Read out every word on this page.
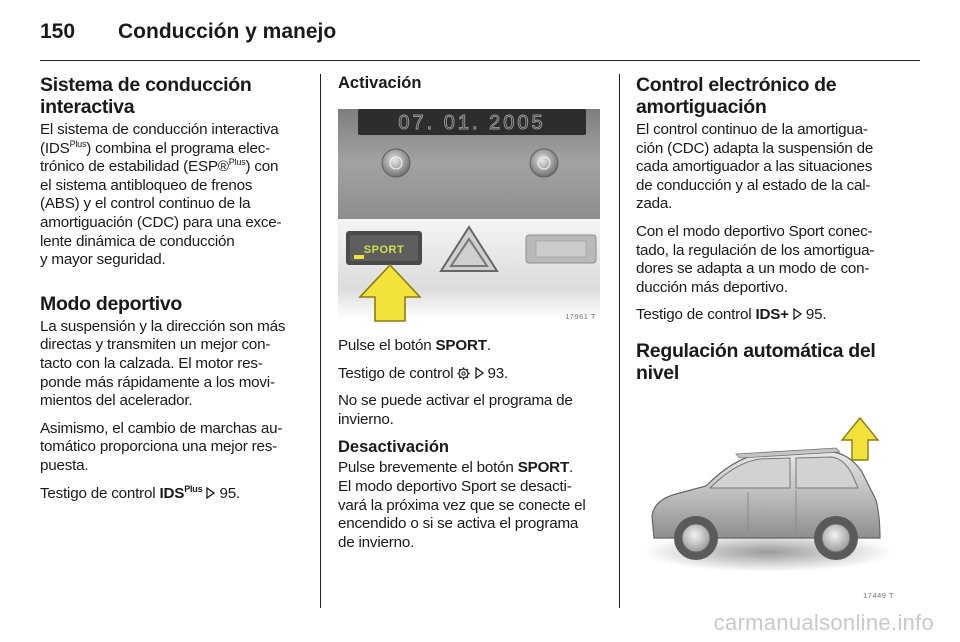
150 Conducción y manejo
Sistema de conducción
interactiva

El sistema de conducción interactiva
$(IDS^{Plus})$ combina el programa elec-
trónico de estabilidad (ESP®$^{Plus}$) con
el sistema antibloqueo de frenos
(ABS) y el control continuo de la
amortiguación (CDC) para una exce-
lente dinámica de conducción
y mayor seguridad.

Modo deportivo

La suspensión y la dirección son más
directas y transmiten un mejor con-
tacto con la calzada. El motor res-
ponde más rápidamente a los movi-
mientos del acelerador.

Asimismo, el cambio de marchas au-
tomático proporciona una mejor res-
puesta.

Testigo de control $IDS^{Plus}$ 95.

Activación
07. 01. 2005
SPORT
17961 T

Pulse el botón SPORT.

Testigo de control   93.

No se puede activar el programa de
invierno.

Desactivación

Pulse brevemente el botón SPORT.
El modo deportivo Sport se desacti-
vará la próxima vez que se conecte el
encendido o si se activa el programa
de invierno.

Control electrónico de
amortiguación

El control continuo de la amortigua-
ción (CDC) adapta la suspensión de
cada amortiguador a las situaciones
de conducción y al estado de la cal-
zada.

Con el modo deportivo Sport conec-
tado, la regulación de los amortigua-
dores se adapta a un modo de con-
ducción más deportivo.

Testigo de control IDS+ 95.

Regulación automática del
nivel
17449 T
carmanualsonline.info
